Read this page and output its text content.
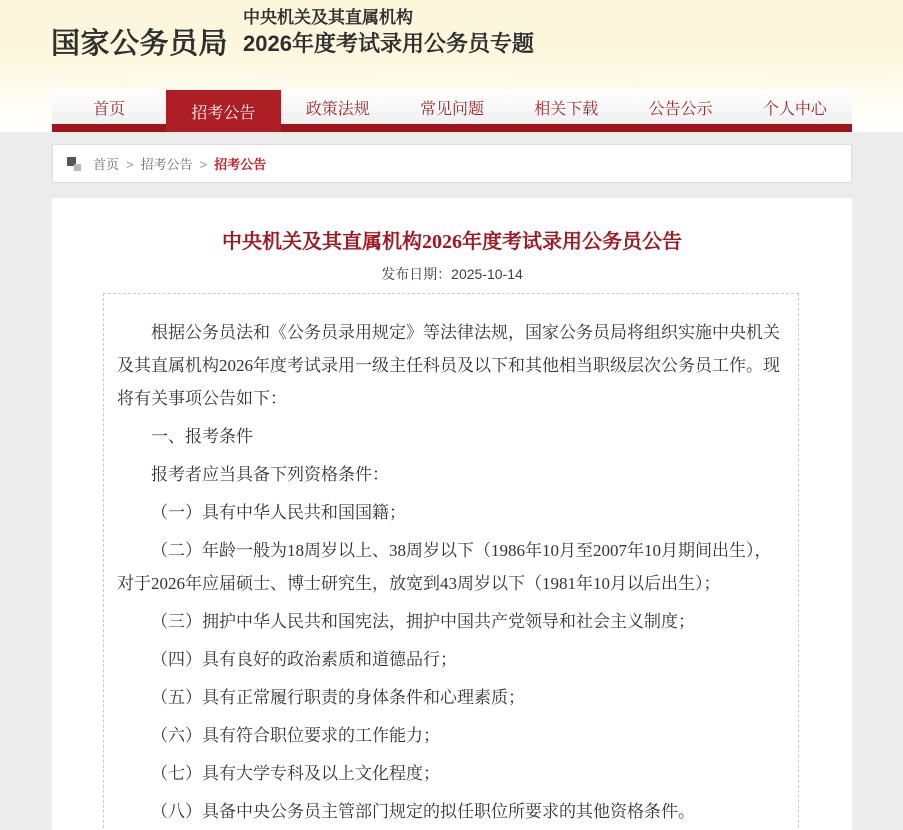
国家公务员局
中央机关及其直属机构
2026年度考试录用公务员专题
首页	招考公告	政策法规	常见问题	相关下载	公告公示	个人中心
首页 > 招考公告 > 招考公告
中央机关及其直属机构2026年度考试录用公务员公告
发布日期：2025-10-14

根据公务员法和《公务员录用规定》等法律法规，国家公务员局将组织实施中央机关及其直属机构2026年度考试录用一级主任科员及以下和其他相当职级层次公务员工作。现将有关事项公告如下：

一、报考条件

报考者应当具备下列资格条件：

（一）具有中华人民共和国国籍；

（二）年龄一般为18周岁以上、38周岁以下（1986年10月至2007年10月期间出生），对于2026年应届硕士、博士研究生，放宽到43周岁以下（1981年10月以后出生）；

（三）拥护中华人民共和国宪法，拥护中国共产党领导和社会主义制度；

（四）具有良好的政治素质和道德品行；

（五）具有正常履行职责的身体条件和心理素质；

（六）具有符合职位要求的工作能力；

（七）具有大学专科及以上文化程度；

（八）具备中央公务员主管部门规定的拟任职位所要求的其他资格条件。
